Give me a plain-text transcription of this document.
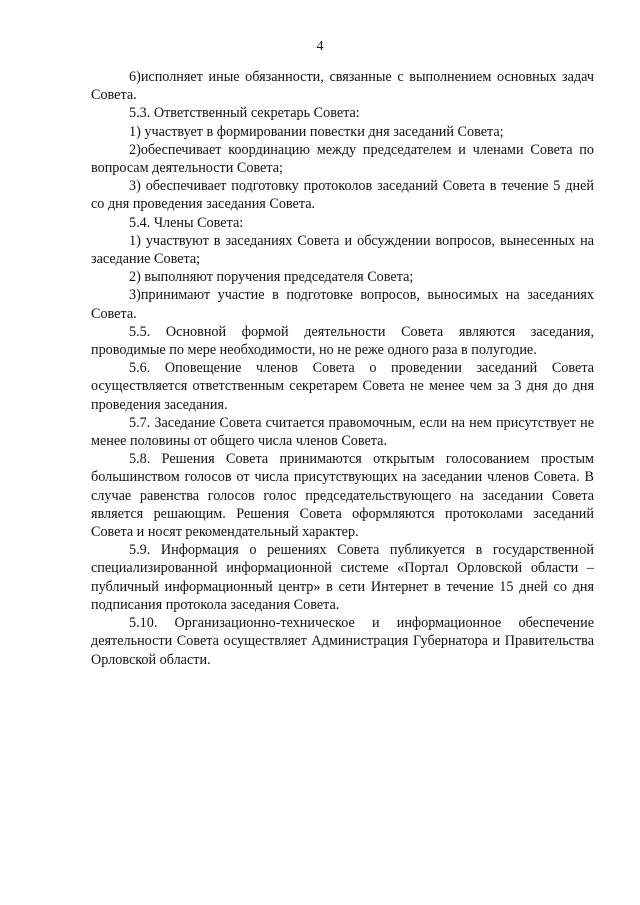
4

6)исполняет иные обязанности, связанные с выполнением основных задач Совета.

5.3. Ответственный секретарь Совета:

1) участвует в формировании повестки дня заседаний Совета;

2)обеспечивает координацию между председателем и членами Совета по вопросам деятельности Совета;

3) обеспечивает подготовку протоколов заседаний Совета в течение 5 дней со дня проведения заседания Совета.

5.4. Члены Совета:

1) участвуют в заседаниях Совета и обсуждении вопросов, вынесенных на заседание Совета;

2) выполняют поручения председателя Совета;

3)принимают участие в подготовке вопросов, выносимых на заседаниях Совета.

5.5. Основной формой деятельности Совета являются заседания, проводимые по мере необходимости, но не реже одного раза в полугодие.

5.6. Оповещение членов Совета о проведении заседаний Совета осуществляется ответственным секретарем Совета не менее чем за 3 дня до дня проведения заседания.

5.7. Заседание Совета считается правомочным, если на нем присутствует не менее половины от общего числа членов Совета.

5.8. Решения Совета принимаются открытым голосованием простым большинством голосов от числа присутствующих на заседании членов Совета. В случае равенства голосов голос председательствующего на заседании Совета является решающим. Решения Совета оформляются протоколами заседаний Совета и носят рекомендательный характер.

5.9. Информация о решениях Совета публикуется в государственной специализированной информационной системе «Портал Орловской области – публичный информационный центр» в сети Интернет в течение 15 дней со дня подписания протокола заседания Совета.

5.10. Организационно-техническое и информационное обеспечение деятельности Совета осуществляет Администрация Губернатора и Правительства Орловской области.
